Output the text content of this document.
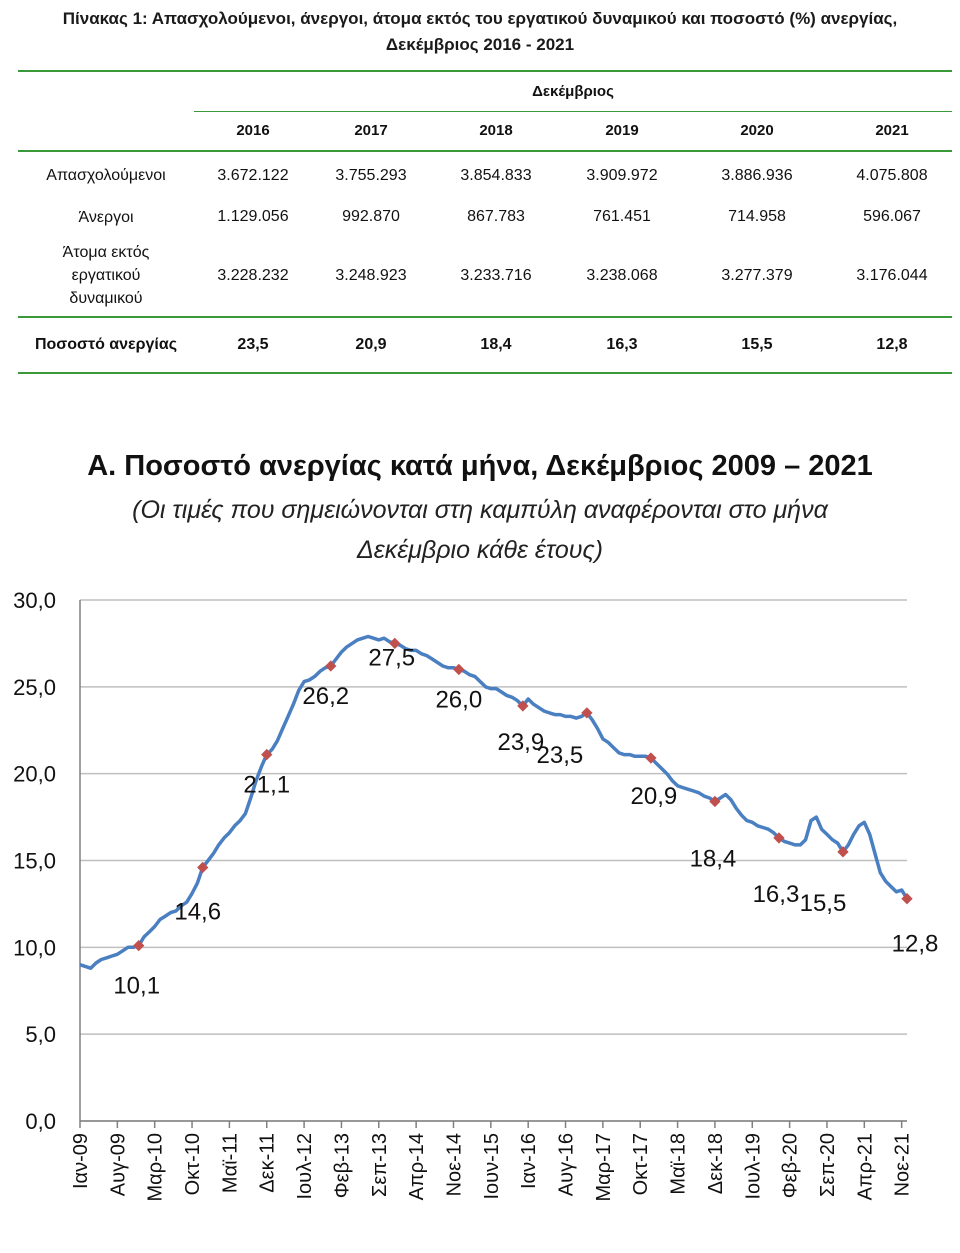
Πίνακας 1: Απασχολούμενοι, άνεργοι, άτομα εκτός του εργατικού δυναμικού και ποσοστό (%) ανεργίας,
Δεκέμβριος 2016 - 2021
	Δεκέμβριος					
	2016	2017	2018	2019	2020	2021
Απασχολούμενοι	3.672.122	3.755.293	3.854.833	3.909.972	3.886.936	4.075.808
Άνεργοι	1.129.056	992.870	867.783	761.451	714.958	596.067

Άτομα εκτός
εργατικού
δυναμικού	3.228.232	3.248.923	3.233.716	3.238.068	3.277.379	3.176.044
Ποσοστό ανεργίας	23,5	20,9	18,4	16,3	15,5	12,8
Α. Ποσοστό ανεργίας κατά μήνα, Δεκέμβριος 2009 – 2021
(Οι τιμές που σημειώνονται στη καμπύλη αναφέρονται στο μήνα
Δεκέμβριο κάθε έτους)
0,0
5,0
10,0
15,0
20,0
25,0
30,0
Ιαν-09 Αυγ-09 Μαρ-10 Οκτ-10 Μαϊ-11 Δεκ-11 Ιουλ-12 Φεβ-13 Σεπ-13 Απρ-14 Νοε-14 Ιουν-15 Ιαν-16 Αυγ-16 Μαρ-17 Οκτ-17 Μαϊ-18 Δεκ-18 Ιουλ-19 Φεβ-20 Σεπ-20 Απρ-21 Νοε-21
10,1
14,6
21,1
26,2
27,5
26,0
23,9
23,5
20,9
18,4
16,3 15,5
12,8
